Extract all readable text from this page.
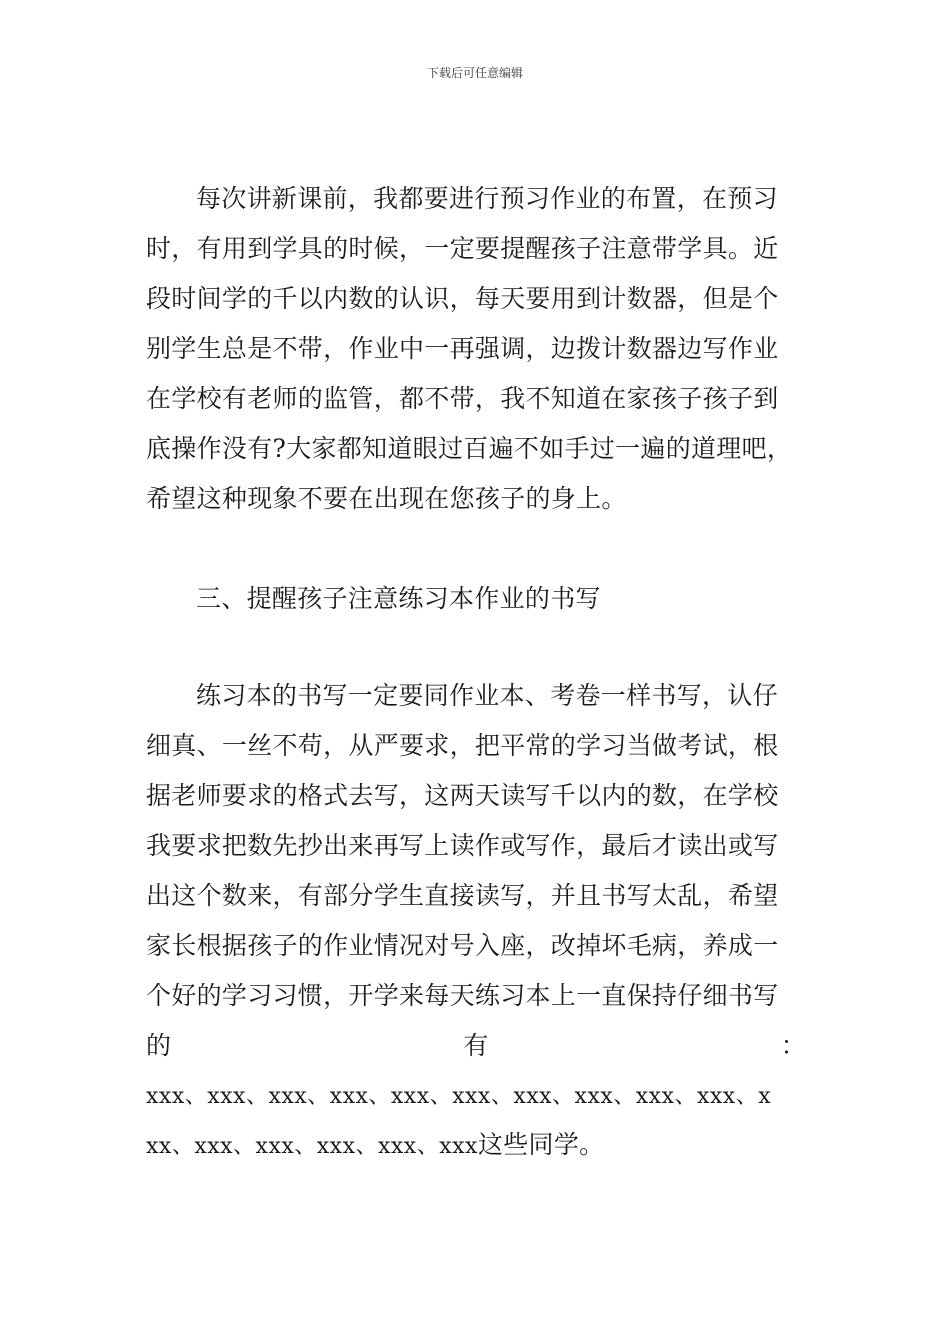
下载后可任意编辑
每次讲新课前，我都要进行预习作业的布置，在预习
时，有用到学具的时候，一定要提醒孩子注意带学具。近
段时间学的千以内数的认识，每天要用到计数器，但是个
别学生总是不带，作业中一再强调，边拨计数器边写作业
在学校有老师的监管，都不带，我不知道在家孩子孩子到
底操作没有?大家都知道眼过百遍不如手过一遍的道理吧，
希望这种现象不要在出现在您孩子的身上。
三、提醒孩子注意练习本作业的书写
练习本的书写一定要同作业本、考卷一样书写，认仔
细真、一丝不苟，从严要求，把平常的学习当做考试，根
据老师要求的格式去写，这两天读写千以内的数，在学校
我要求把数先抄出来再写上读作或写作，最后才读出或写
出这个数来，有部分学生直接读写，并且书写太乱，希望
家长根据孩子的作业情况对号入座，改掉坏毛病，养成一
个好的学习习惯，开学来每天练习本上一直保持仔细书写
的	有	：
xxx、xxx、xxx、xxx、xxx、xxx、xxx、xxx、xxx、xxx、x
xx、xxx、xxx、xxx、xxx、xxx这些同学。
